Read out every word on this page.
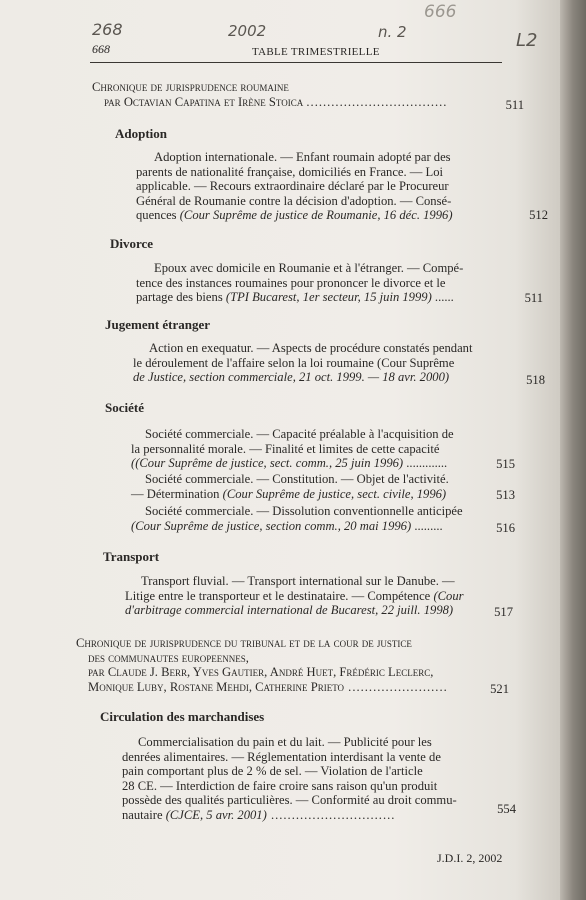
268	2002	n. 2
666
L2
668	TABLE TRIMESTRIELLE
Chronique de jurisprudence roumaine
par Octavian Capatina et Irène Stoica ..................................	511
Adoption
Adoption internationale. — Enfant roumain adopté par des
parents de nationalité française, domiciliés en France. — Loi
applicable. — Recours extraordinaire déclaré par le Procureur
Général de Roumanie contre la décision d'adoption. — Consé-
quences (Cour Suprême de justice de Roumanie, 16 déc. 1996)	512
Divorce
Epoux avec domicile en Roumanie et à l'étranger. — Compé-
tence des instances roumaines pour prononcer le divorce et le
partage des biens (TPI Bucarest, 1er secteur, 15 juin 1999) ......	511
Jugement étranger
Action en exequatur. — Aspects de procédure constatés pendant
le déroulement de l'affaire selon la loi roumaine (Cour Suprême
de Justice, section commerciale, 21 oct. 1999. — 18 avr. 2000)	518
Société
Société commerciale. — Capacité préalable à l'acquisition de
la personnalité morale. — Finalité et limites de cette capacité
((Cour Suprême de justice, sect. comm., 25 juin 1996) .............	515
Société commerciale. — Constitution. — Objet de l'activité.
— Détermination (Cour Suprême de justice, sect. civile, 1996)	513
Société commerciale. — Dissolution conventionnelle anticipée
(Cour Suprême de justice, section comm., 20 mai 1996) .........	516
Transport
Transport fluvial. — Transport international sur le Danube. —
Litige entre le transporteur et le destinataire. — Compétence (Cour
d'arbitrage commercial international de Bucarest, 22 juill. 1998)	517
Chronique de jurisprudence du tribunal et de la cour de justice
des communautes europeennes,
par Claude J. Berr, Yves Gautier, André Huet, Frédéric Leclerc,
Monique Luby, Rostane Mehdi, Catherine Prieto ........................	521
Circulation des marchandises
Commercialisation du pain et du lait. — Publicité pour les
denrées alimentaires. — Réglementation interdisant la vente de
pain comportant plus de 2 % de sel. — Violation de l'article
28 CE. — Interdiction de faire croire sans raison qu'un produit
possède des qualités particulières. — Conformité au droit commu-
nautaire (CJCE, 5 avr. 2001) ..............................	554
J.D.I. 2, 2002
